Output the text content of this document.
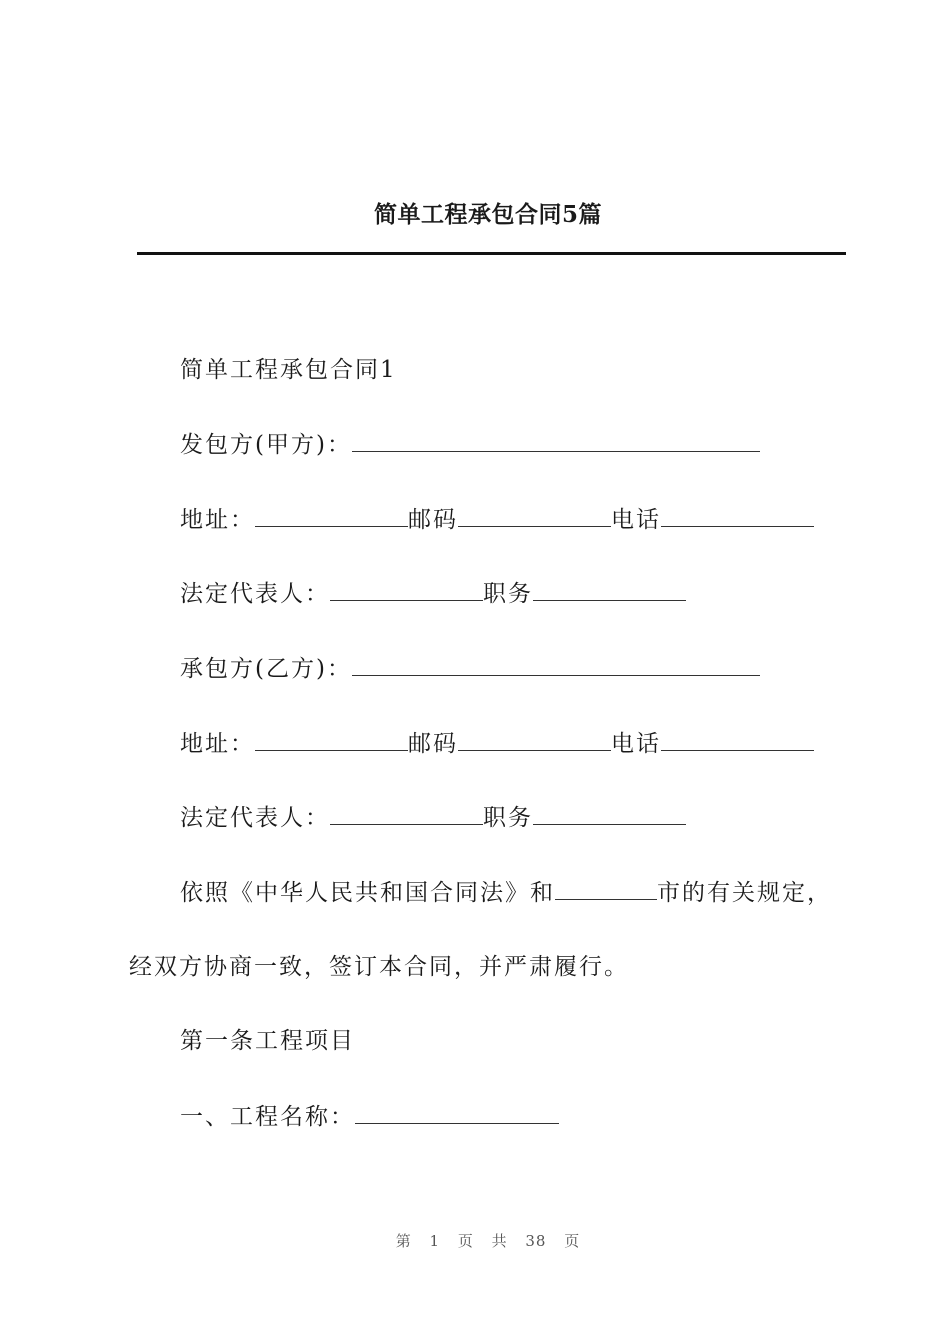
简单工程承包合同5篇
简单工程承包合同1
发包方(甲方)：
地址：	邮码	电话
法定代表人：	职务
承包方(乙方)：
地址：	邮码	电话
法定代表人：	职务
依照《中华人民共和国合同法》和	市的有关规定，
经双方协商一致，签订本合同，并严肃履行。
第一条工程项目
一、工程名称：
第 1 页 共 38 页
